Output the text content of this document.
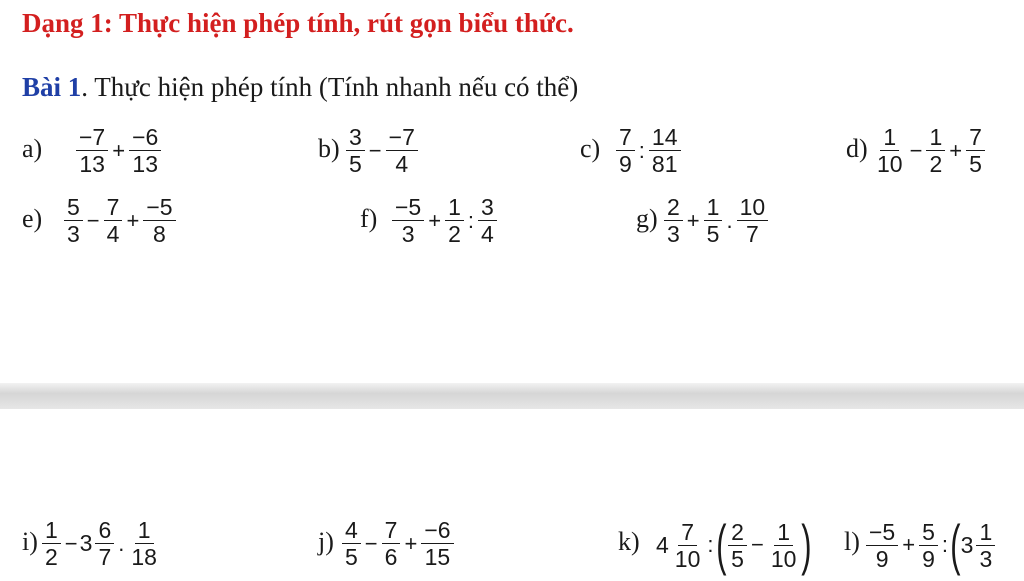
Dạng 1: Thực hiện phép tính, rút gọn biểu thức.
Bài 1. Thực hiện phép tính (Tính nhanh nếu có thể)
$a) \frac{-7}{13} + \frac{-6}{13}$	$b) \frac{3}{5} - \frac{-7}{4}$	$c) \frac{7}{9}$ : $\frac{14}{81}$	$d) \frac{1}{10} - \frac{1}{2} + \frac{7}{5}$
$e) \frac{5}{3} - \frac{7}{4} + \frac{-5}{8}$	$f) \frac{-5}{3} + \frac{1}{2}$ : $\frac{3}{4}$	$g) \frac{2}{3} + \frac{1}{5}$ . $\frac{10}{7}$
$i) \frac{1}{2} - 3 \frac{6}{7}$ . $\frac{1}{18}$	$j) \frac{4}{5} - \frac{7}{6} + \frac{-6}{15}$	k) $4 \frac{7}{10}$ : ( $\frac{2}{5} - \frac{1}{10}$ ) $l) \frac{-5}{9} + \frac{5}{9}$ : ( $3 \frac{1}{3}$
